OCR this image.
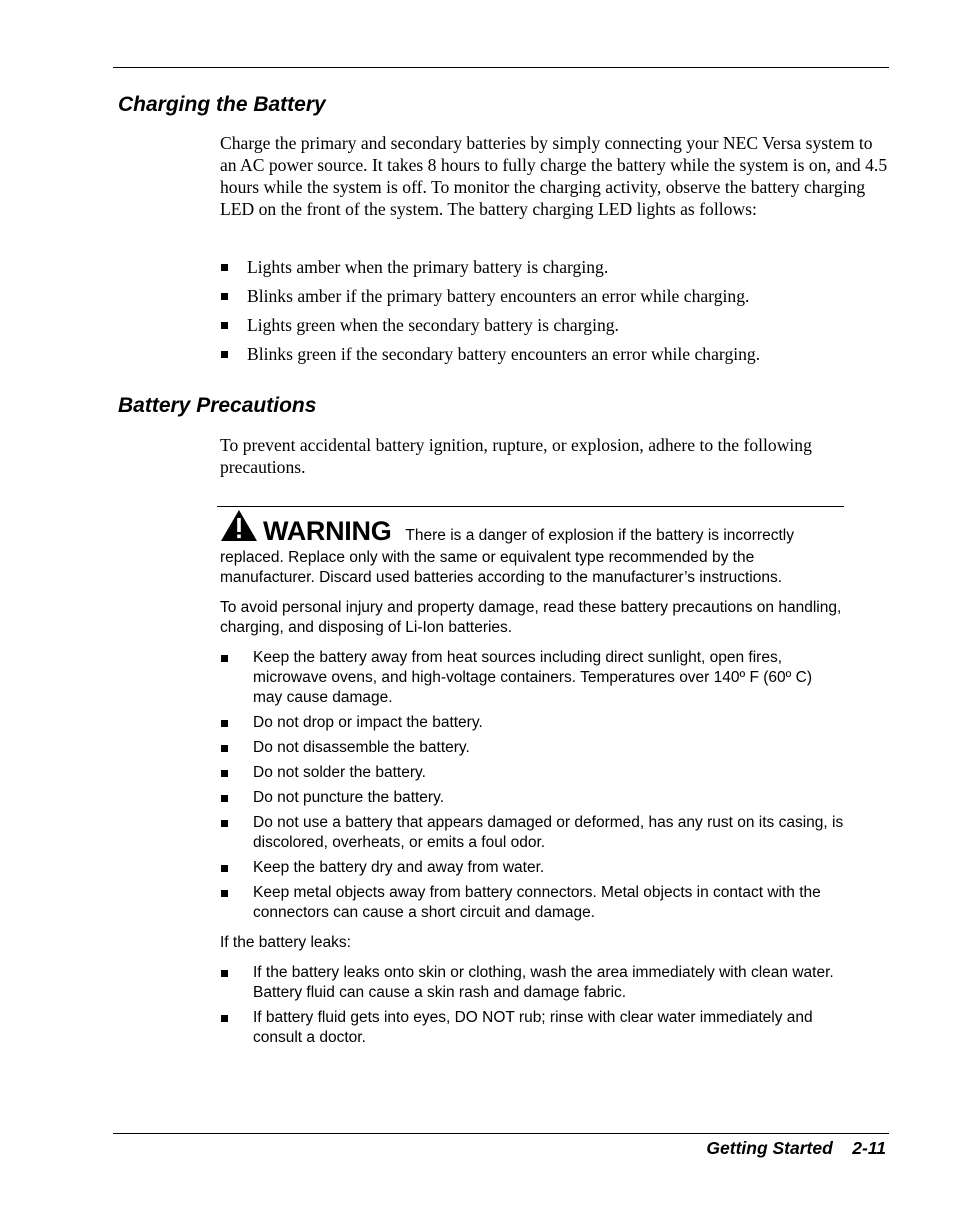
Charging the Battery

Charge the primary and secondary batteries by simply connecting your NEC Versa system to an AC power source. It takes 8 hours to fully charge the battery while the system is on, and 4.5 hours while the system is off. To monitor the charging activity, observe the battery charging LED on the front of the system. The battery charging LED lights as follows:

Lights amber when the primary battery is charging.
Blinks amber if the primary battery encounters an error while charging.
Lights green when the secondary battery is charging.
Blinks green if the secondary battery encounters an error while charging.
Battery Precautions

To prevent accidental battery ignition, rupture, or explosion, adhere to the following precautions.

WARNING There is a danger of explosion if the battery is incorrectly replaced. Replace only with the same or equivalent type recommended by the manufacturer. Discard used batteries according to the manufacturer’s instructions.

To avoid personal injury and property damage, read these battery precautions on handling, charging, and disposing of Li-Ion batteries.

Keep the battery away from heat sources including direct sunlight, open fires, microwave ovens, and high-voltage containers. Temperatures over 140º F (60º C) may cause damage.
Do not drop or impact the battery.
Do not disassemble the battery.
Do not solder the battery.
Do not puncture the battery.
Do not use a battery that appears damaged or deformed, has any rust on its casing, is discolored, overheats, or emits a foul odor.
Keep the battery dry and away from water.
Keep metal objects away from battery connectors. Metal objects in contact with the connectors can cause a short circuit and damage.

If the battery leaks:

If the battery leaks onto skin or clothing, wash the area immediately with clean water. Battery fluid can cause a skin rash and damage fabric.
If battery fluid gets into eyes, DO NOT rub; rinse with clear water immediately and consult a doctor.

Getting Started 2-11
